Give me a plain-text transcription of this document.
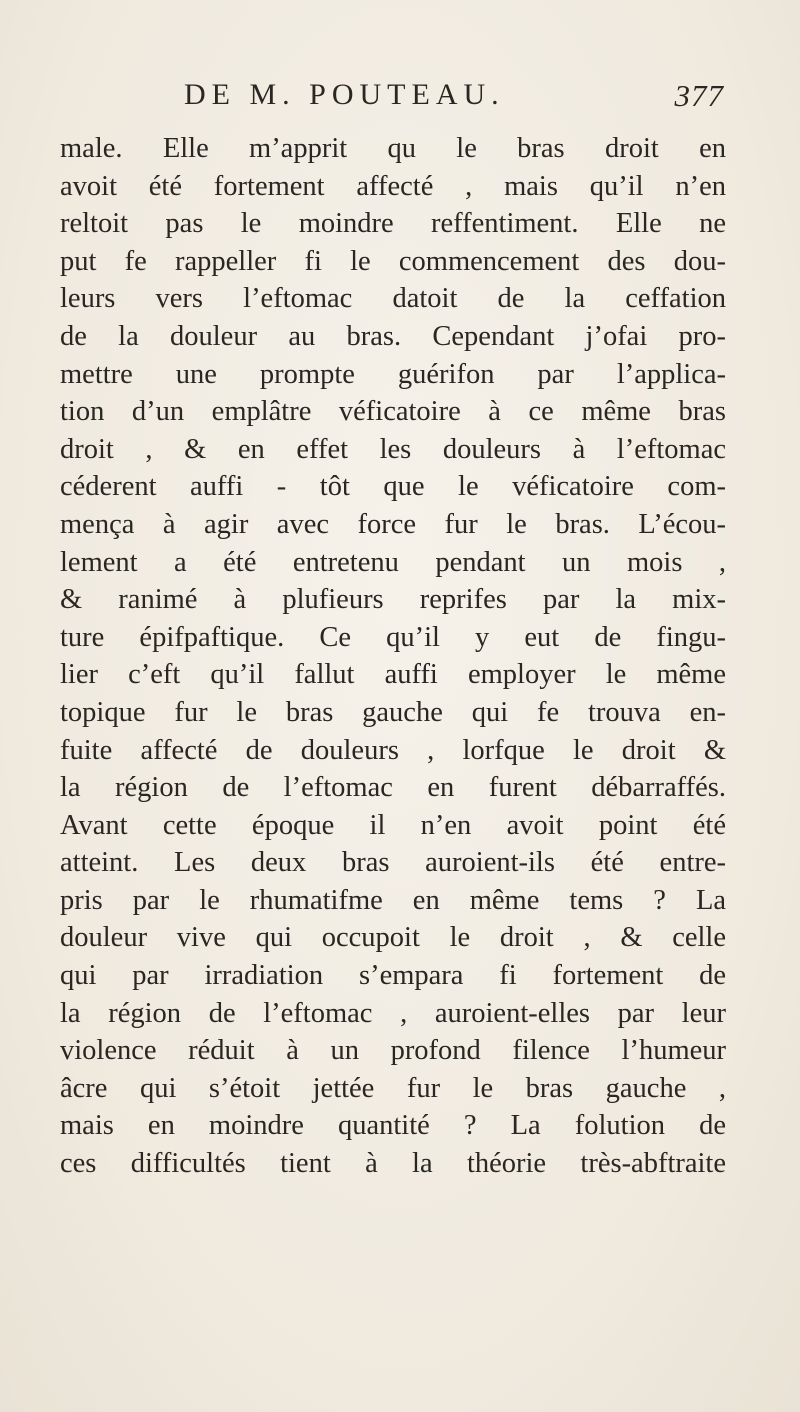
DE M. POUTEAU.	377
male. Elle m’apprit qu le bras droit en
avoit été fortement affecté , mais qu’il n’en
reltoit pas le moindre reffentiment. Elle ne
put fe rappeller fi le commencement des dou-
leurs vers l’eftomac datoit de la ceffation
de la douleur au bras. Cependant j’ofai pro-
mettre une prompte guérifon par l’applica-
tion d’un emplâtre véficatoire à ce même bras
droit , & en effet les douleurs à l’eftomac
céderent auffi - tôt que le véficatoire com-
mença à agir avec force fur le bras. L’écou-
lement a été entretenu pendant un mois ,
& ranimé à plufieurs reprifes par la mix-
ture épifpaftique. Ce qu’il y eut de fingu-
lier c’eft qu’il fallut auffi employer le même
topique fur le bras gauche qui fe trouva en-
fuite affecté de douleurs , lorfque le droit &
la région de l’eftomac en furent débarraffés.
Avant cette époque il n’en avoit point été
atteint. Les deux bras auroient-ils été entre-
pris par le rhumatifme en même tems ? La
douleur vive qui occupoit le droit , & celle
qui par irradiation s’empara fi fortement de
la région de l’eftomac , auroient-elles par leur
violence réduit à un profond filence l’humeur
âcre qui s’étoit jettée fur le bras gauche ,
mais en moindre quantité ? La folution de
ces difficultés tient à la théorie très-abftraite
